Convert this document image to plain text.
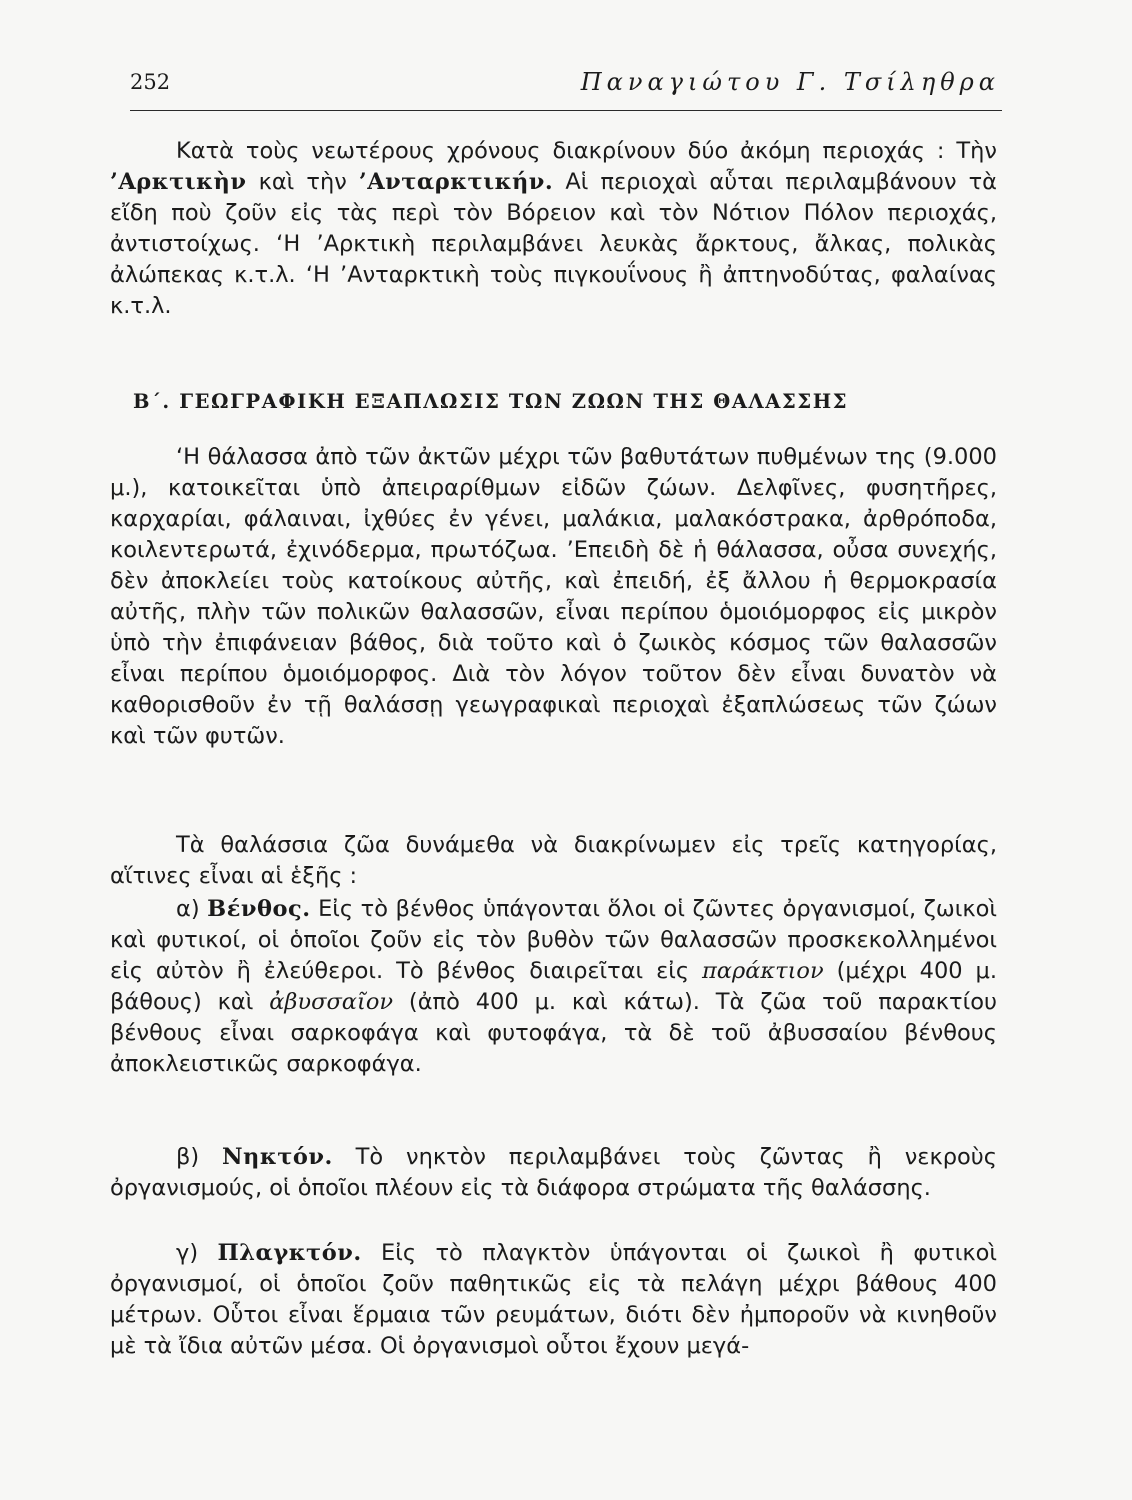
252	Παναγιώτου Γ. Τσίληθρα

Κατὰ τοὺς νεωτέρους χρόνους διακρίνουν δύο ἀκόμη περιοχάς : Τὴν ’Αρκτικὴν καὶ τὴν ’Ανταρκτικήν. Αἱ περιοχαὶ αὗται περιλαμβάνουν τὰ εἴδη ποὺ ζοῦν εἰς τὰς περὶ τὸν Βόρειον καὶ τὸν Νότιον Πόλον περιοχάς, ἀντιστοίχως. ‘Η ’Αρκτικὴ περιλαμβάνει λευκὰς ἄρκτους, ἄλκας, πολικὰς ἀλώπεκας κ.τ.λ. ‘Η ’Ανταρκτικὴ τοὺς πιγκουΐνους ἢ ἀπτηνοδύτας, φαλαίνας κ.τ.λ.

Β΄. ΓΕΩΓΡΑΦΙΚΗ ΕΞΑΠΛΩΣΙΣ ΤΩΝ ΖΩΩΝ ΤΗΣ ΘΑΛΑΣΣΗΣ

‘Η θάλασσα ἀπὸ τῶν ἀκτῶν μέχρι τῶν βαθυτάτων πυθμένων της (9.000 μ.), κατοικεῖται ὑπὸ ἀπειραρίθμων εἰδῶν ζώων. Δελφῖνες, φυσητῆρες, καρχαρίαι, φάλαιναι, ἰχθύες ἐν γένει, μαλάκια, μαλακόστρακα, ἀρθρόποδα, κοιλεντερωτά, ἐχινόδερμα, πρωτόζωα. ’Επειδὴ δὲ ἡ θάλασσα, οὖσα συνεχής, δὲν ἀποκλείει τοὺς κατοίκους αὐτῆς, καὶ ἐπειδή, ἐξ ἄλλου ἡ θερμοκρασία αὐτῆς, πλὴν τῶν πολικῶν θαλασσῶν, εἶναι περίπου ὁμοιόμορφος εἰς μικρὸν ὑπὸ τὴν ἐπιφάνειαν βάθος, διὰ τοῦτο καὶ ὁ ζωικὸς κόσμος τῶν θαλασσῶν εἶναι περίπου ὁμοιόμορφος. Διὰ τὸν λόγον τοῦτον δὲν εἶναι δυνατὸν νὰ καθορισθοῦν ἐν τῇ θαλάσσῃ γεωγραφικαὶ περιοχαὶ ἐξαπλώσεως τῶν ζώων καὶ τῶν φυτῶν.

Τὰ θαλάσσια ζῶα δυνάμεθα νὰ διακρίνωμεν εἰς τρεῖς κατηγορίας, αἵτινες εἶναι αἱ ἑξῆς :

α) Βένθος. Εἰς τὸ βένθος ὑπάγονται ὅλοι οἱ ζῶντες ὀργανισμοί, ζωικοὶ καὶ φυτικοί, οἱ ὁποῖοι ζοῦν εἰς τὸν βυθὸν τῶν θαλασσῶν προσκεκολλημένοι εἰς αὐτὸν ἢ ἐλεύθεροι. Τὸ βένθος διαιρεῖται εἰς παράκτιον (μέχρι 400 μ. βάθους) καὶ ἀβυσσαῖον (ἀπὸ 400 μ. καὶ κάτω). Τὰ ζῶα τοῦ παρακτίου βένθους εἶναι σαρκοφάγα καὶ φυτοφάγα, τὰ δὲ τοῦ ἀβυσσαίου βένθους ἀποκλειστικῶς σαρκοφάγα.

β) Νηκτόν. Τὸ νηκτὸν περιλαμβάνει τοὺς ζῶντας ἢ νεκροὺς ὀργανισμούς, οἱ ὁποῖοι πλέουν εἰς τὰ διάφορα στρώματα τῆς θαλάσσης.

γ) Πλαγκτόν. Εἰς τὸ πλαγκτὸν ὑπάγονται οἱ ζωικοὶ ἢ φυτικοὶ ὀργανισμοί, οἱ ὁποῖοι ζοῦν παθητικῶς εἰς τὰ πελάγη μέχρι βάθους 400 μέτρων. Οὗτοι εἶναι ἕρμαια τῶν ρευμάτων, διότι δὲν ἠμποροῦν νὰ κινηθοῦν μὲ τὰ ἴδια αὐτῶν μέσα. Οἱ ὀργανισμοὶ οὗτοι ἔχουν μεγά-
